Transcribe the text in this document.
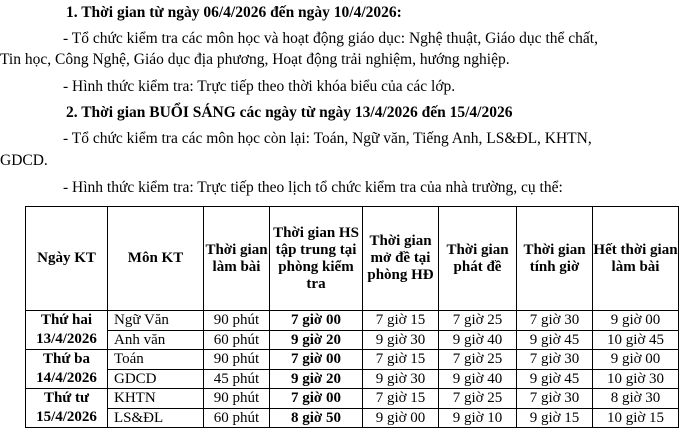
1. Thời gian từ ngày 06/4/2026 đến ngày 10/4/2026:
- Tổ chức kiểm tra các môn học và hoạt động giáo dục: Nghệ thuật, Giáo dục thể chất,
Tin học, Công Nghệ, Giáo dục địa phương, Hoạt động trải nghiệm, hướng nghiệp.
- Hình thức kiểm tra: Trực tiếp theo thời khóa biểu của các lớp.
2. Thời gian BUỔI SÁNG các ngày từ ngày 13/4/2026 đến 15/4/2026
- Tổ chức kiểm tra các môn học còn lại: Toán, Ngữ văn, Tiếng Anh, LS&ĐL, KHTN,
GDCD.
- Hình thức kiểm tra: Trực tiếp theo lịch tổ chức kiểm tra của nhà trường, cụ thể:
Ngày KT	Môn KT	Thời gian làm bài	Thời gian HS tập trung tại phòng kiểm tra	Thời gian mở đề tại phòng HĐ	Thời gian phát đề	Thời gian tính giờ	Hết thời gian làm bài

Thứ hai
13/4/2026	Ngữ Văn	90 phút	7 giờ 00	7 giờ 15	7 giờ 25	7 giờ 30	9 giờ 00
	Anh văn	60 phút	9 giờ 20	9 giờ 30	9 giờ 40	9 giờ 45	10 giờ 45

Thứ ba
14/4/2026	Toán	90 phút	7 giờ 00	7 giờ 15	7 giờ 25	7 giờ 30	9 giờ 00
	GDCD	45 phút	9 giờ 20	9 giờ 30	9 giờ 40	9 giờ 45	10 giờ 30

Thứ tư
15/4/2026	KHTN	90 phút	7 giờ 00	7 giờ 15	7 giờ 25	7 giờ 30	8 giờ 30
	LS&ĐL	60 phút	8 giờ 50	9 giờ 00	9 giờ 10	9 giờ 15	10 giờ 15
